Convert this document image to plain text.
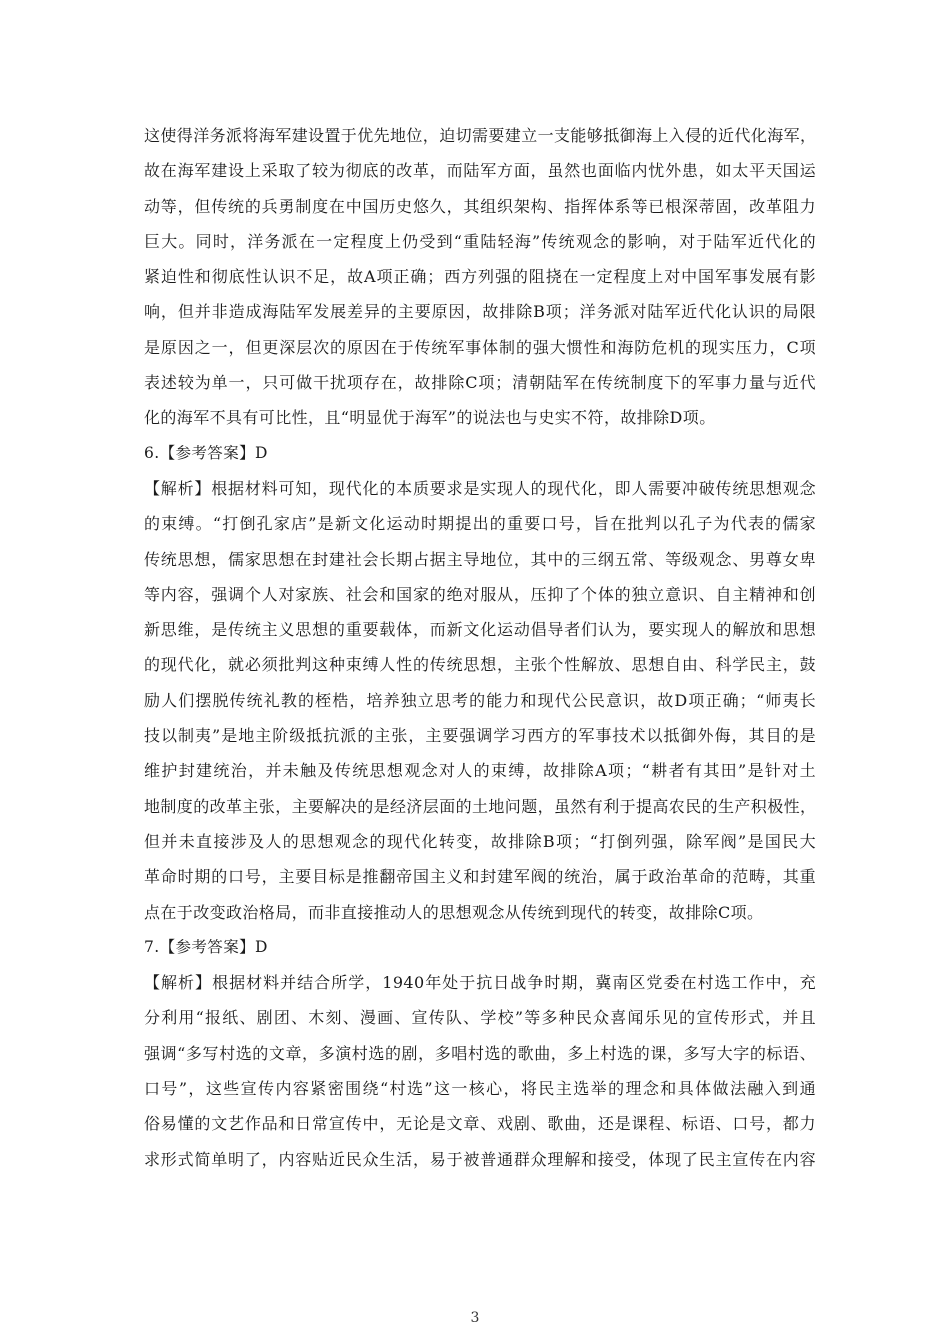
这使得洋务派将海军建设置于优先地位，迫切需要建立一支能够抵御海上入侵的近代化海军，
故在海军建设上采取了较为彻底的改革，而陆军方面，虽然也面临内忧外患，如太平天国运
动等，但传统的兵勇制度在中国历史悠久，其组织架构、指挥体系等已根深蒂固，改革阻力
巨大。同时，洋务派在一定程度上仍受到“重陆轻海”传统观念的影响，对于陆军近代化的
紧迫性和彻底性认识不足，故A项正确；西方列强的阻挠在一定程度上对中国军事发展有影
响，但并非造成海陆军发展差异的主要原因，故排除B项；洋务派对陆军近代化认识的局限
是原因之一，但更深层次的原因在于传统军事体制的强大惯性和海防危机的现实压力，C项
表述较为单一，只可做干扰项存在，故排除C项；清朝陆军在传统制度下的军事力量与近代
化的海军不具有可比性，且“明显优于海军”的说法也与史实不符，故排除D项。
6.【参考答案】D
【解析】根据材料可知，现代化的本质要求是实现人的现代化，即人需要冲破传统思想观念
的束缚。“打倒孔家店”是新文化运动时期提出的重要口号，旨在批判以孔子为代表的儒家
传统思想，儒家思想在封建社会长期占据主导地位，其中的三纲五常、等级观念、男尊女卑
等内容，强调个人对家族、社会和国家的绝对服从，压抑了个体的独立意识、自主精神和创
新思维，是传统主义思想的重要载体，而新文化运动倡导者们认为，要实现人的解放和思想
的现代化，就必须批判这种束缚人性的传统思想，主张个性解放、思想自由、科学民主，鼓
励人们摆脱传统礼教的桎梏，培养独立思考的能力和现代公民意识，故D项正确；“师夷长
技以制夷”是地主阶级抵抗派的主张，主要强调学习西方的军事技术以抵御外侮，其目的是
维护封建统治，并未触及传统思想观念对人的束缚，故排除A项；“耕者有其田”是针对土
地制度的改革主张，主要解决的是经济层面的土地问题，虽然有利于提高农民的生产积极性，
但并未直接涉及人的思想观念的现代化转变，故排除B项；“打倒列强，除军阀”是国民大
革命时期的口号，主要目标是推翻帝国主义和封建军阀的统治，属于政治革命的范畴，其重
点在于改变政治格局，而非直接推动人的思想观念从传统到现代的转变，故排除C项。
7.【参考答案】D
【解析】根据材料并结合所学，1940年处于抗日战争时期，冀南区党委在村选工作中，充
分利用“报纸、剧团、木刻、漫画、宣传队、学校”等多种民众喜闻乐见的宣传形式，并且
强调“多写村选的文章，多演村选的剧，多唱村选的歌曲，多上村选的课，多写大字的标语、
口号”，这些宣传内容紧密围绕“村选”这一核心，将民主选举的理念和具体做法融入到通
俗易懂的文艺作品和日常宣传中，无论是文章、戏剧、歌曲，还是课程、标语、口号，都力
求形式简单明了，内容贴近民众生活，易于被普通群众理解和接受，体现了民主宣传在内容
3
